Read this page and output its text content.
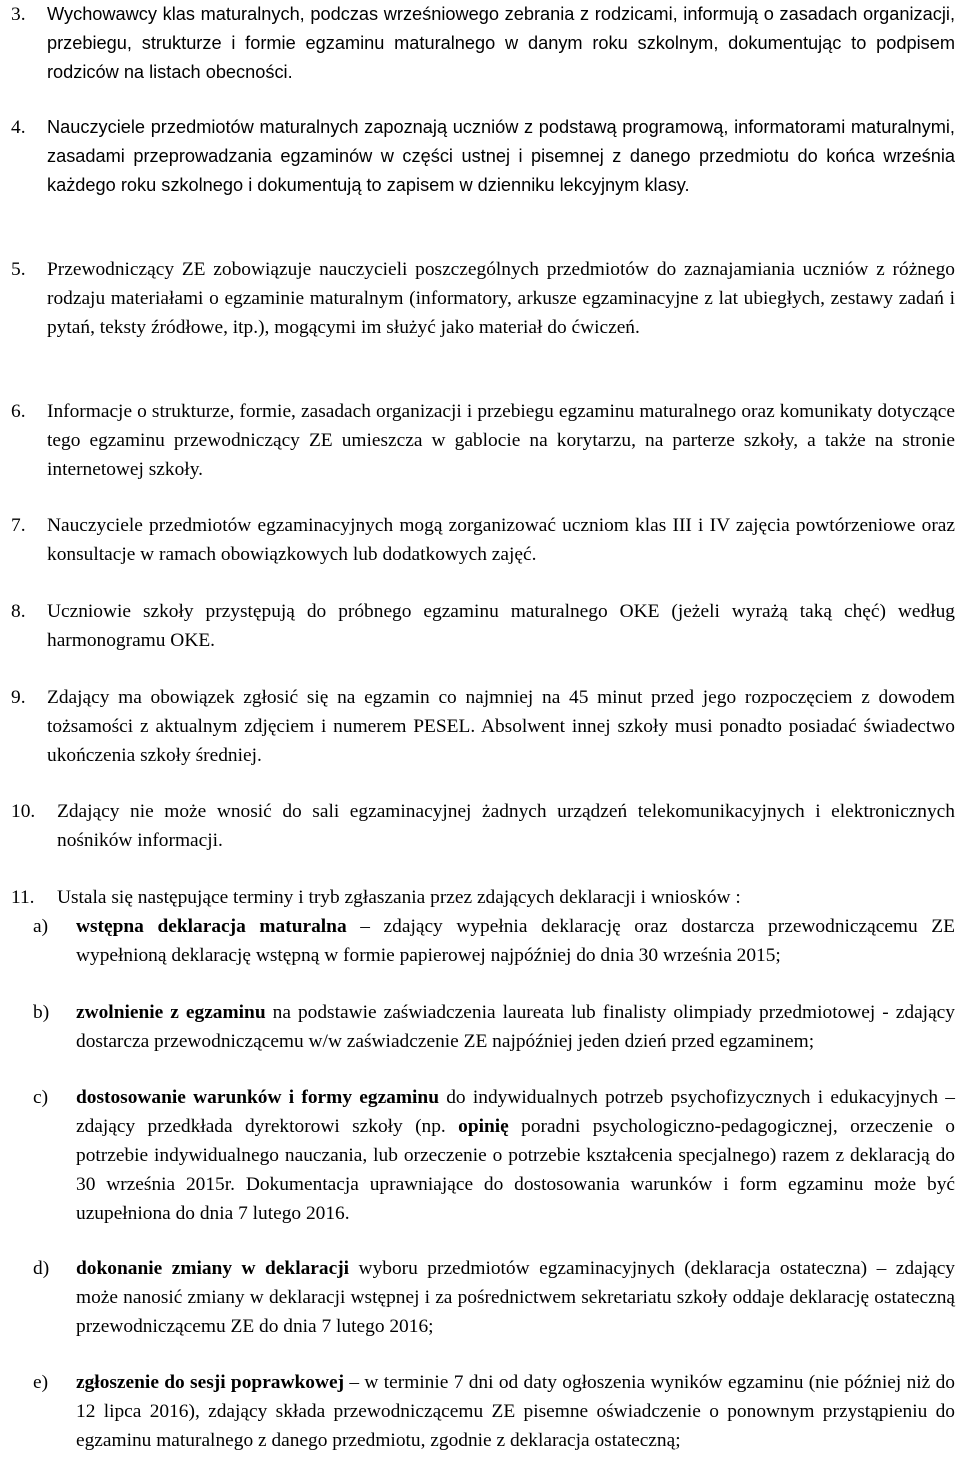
3.	Wychowawcy klas maturalnych, podczas wrześniowego zebrania z rodzicami, informują o zasadach organizacji, przebiegu, strukturze i formie egzaminu maturalnego w danym roku szkolnym, dokumentując to podpisem rodziców na listach obecności.
4.	Nauczyciele przedmiotów maturalnych zapoznają uczniów z podstawą programową, informatorami maturalnymi, zasadami przeprowadzania egzaminów w części ustnej i pisemnej z danego przedmiotu do końca września każdego roku szkolnego i dokumentują to zapisem w dzienniku lekcyjnym klasy.
5.	Przewodniczący ZE zobowiązuje nauczycieli poszczególnych przedmiotów do zaznajamiania uczniów z różnego rodzaju materiałami o egzaminie maturalnym (informatory, arkusze egzaminacyjne z lat ubiegłych, zestawy zadań i pytań, teksty źródłowe, itp.), mogącymi im służyć jako materiał do ćwiczeń.
6.	Informacje o strukturze, formie, zasadach organizacji i przebiegu egzaminu maturalnego oraz komunikaty dotyczące tego egzaminu przewodniczący ZE umieszcza w gablocie na korytarzu, na parterze szkoły, a także na stronie internetowej szkoły.
7.	Nauczyciele przedmiotów egzaminacyjnych mogą zorganizować uczniom klas III i IV zajęcia powtórzeniowe oraz konsultacje w ramach obowiązkowych lub dodatkowych zajęć.
8.	Uczniowie szkoły przystępują do próbnego egzaminu maturalnego OKE (jeżeli wyrażą taką chęć) według harmonogramu OKE.
9.	Zdający ma obowiązek zgłosić się na egzamin co najmniej na 45 minut przed jego rozpoczęciem z dowodem tożsamości z aktualnym zdjęciem i numerem PESEL. Absolwent innej szkoły musi ponadto posiadać świadectwo ukończenia szkoły średniej.
10.	Zdający nie może wnosić do sali egzaminacyjnej żadnych urządzeń telekomunikacyjnych i elektronicznych nośników informacji.
11.	Ustala się następujące terminy i tryb zgłaszania przez zdających deklaracji i wniosków :
a)	wstępna deklaracja maturalna – zdający wypełnia deklarację oraz dostarcza przewodniczącemu ZE wypełnioną deklarację wstępną w formie papierowej najpóźniej do dnia 30 września 2015;
b)	zwolnienie z egzaminu na podstawie zaświadczenia laureata lub finalisty olimpiady przedmiotowej - zdający dostarcza przewodniczącemu w/w zaświadczenie ZE najpóźniej jeden dzień przed egzaminem;
c)	dostosowanie warunków i formy egzaminu do indywidualnych potrzeb psychofizycznych i edukacyjnych – zdający przedkłada dyrektorowi szkoły (np. opinię poradni psychologiczno-pedagogicznej, orzeczenie o potrzebie indywidualnego nauczania, lub orzeczenie o potrzebie kształcenia specjalnego) razem z deklaracją do 30 września 2015r. Dokumentacja uprawniające do dostosowania warunków i form egzaminu może być uzupełniona do dnia 7 lutego 2016.
d)	dokonanie zmiany w deklaracji wyboru przedmiotów egzaminacyjnych (deklaracja ostateczna) – zdający może nanosić zmiany w deklaracji wstępnej i za pośrednictwem sekretariatu szkoły oddaje deklarację ostateczną przewodniczącemu ZE do dnia 7 lutego 2016;
e)	zgłoszenie do sesji poprawkowej – w terminie 7 dni od daty ogłoszenia wyników egzaminu (nie później niż do 12 lipca 2016), zdający składa przewodniczącemu ZE pisemne oświadczenie o ponownym przystąpieniu do egzaminu maturalnego z danego przedmiotu, zgodnie z deklaracja ostateczną;
